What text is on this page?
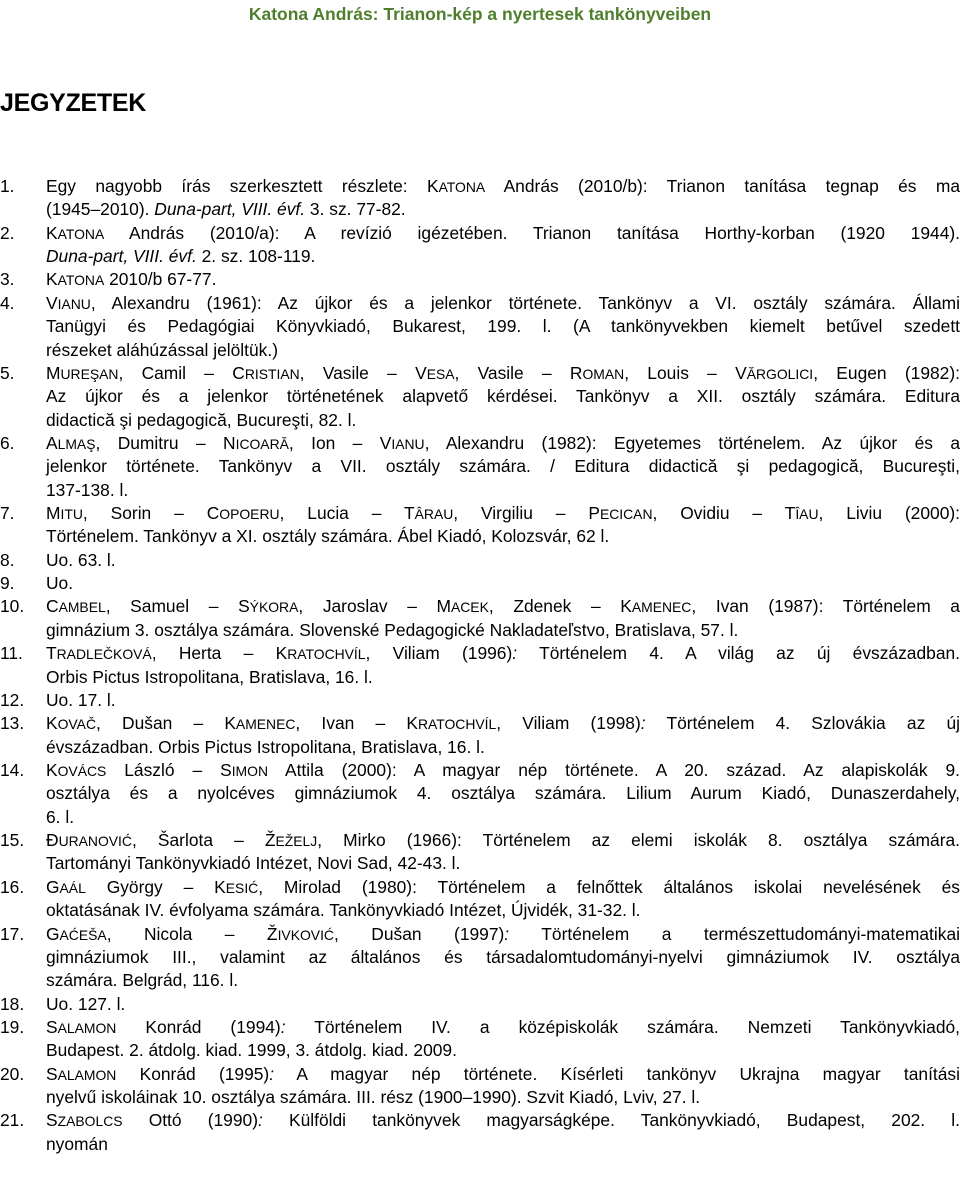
Katona András: Trianon-kép a nyertesek tankönyveiben
JEGYZETEK
1. Egy nagyobb írás szerkesztett részlete: KATONA András (2010/b): Trianon tanítása tegnap és ma
(1945–2010). Duna-part, VIII. évf. 3. sz. 77-82.
2. KATONA András (2010/a): A revízió igézetében. Trianon tanítása Horthy-korban (1920 1944).
Duna-part, VIII. évf. 2. sz. 108-119.
3. KATONA 2010/b 67-77.
4. VIANU, Alexandru (1961): Az újkor és a jelenkor története. Tankönyv a VI. osztály számára. Állami
Tanügyi és Pedagógiai Könyvkiadó, Bukarest, 199. l. (A tankönyvekben kiemelt betűvel szedett
részeket aláhúzással jelöltük.)
5. MUREŞAN, Camil – CRISTIAN, Vasile – VESA, Vasile – ROMAN, Louis – VĂRGOLICI, Eugen (1982):
Az újkor és a jelenkor történetének alapvető kérdései. Tankönyv a XII. osztály számára. Editura
didactică şi pedagogică, Bucureşti, 82. l.
6. ALMAŞ, Dumitru – NICOARĂ, Ion – VIANU, Alexandru (1982): Egyetemes történelem. Az újkor és a
jelenkor története. Tankönyv a VII. osztály számára. / Editura didactică şi pedagogică, Bucureşti,
137-138. l.
7. MITU, Sorin – COPOERU, Lucia – TÂRAU, Virgiliu – PECICAN, Ovidiu – TÎAU, Liviu (2000):
Történelem. Tankönyv a XI. osztály számára. Ábel Kiadó, Kolozsvár, 62 l.
8. Uo. 63. l.
9. Uo.
10. CAMBEL, Samuel – SÝKORA, Jaroslav – MACEK, Zdenek – KAMENEC, Ivan (1987): Történelem a
gimnázium 3. osztálya számára. Slovenské Pedagogické Nakladateľstvo, Bratislava, 57. l.
11. TRADLEČKOVÁ, Herta – KRATOCHVÍL, Viliam (1996): Történelem 4. A világ az új évszázadban.
Orbis Pictus Istropolitana, Bratislava, 16. l.
12. Uo. 17. l.
13. KOVAČ, Dušan – KAMENEC, Ivan – KRATOCHVÍL, Viliam (1998): Történelem 4. Szlovákia az új
évszázadban. Orbis Pictus Istropolitana, Bratislava, 16. l.
14. KOVÁCS László – SIMON Attila (2000): A magyar nép története. A 20. század. Az alapiskolák 9.
osztálya és a nyolcéves gimnáziumok 4. osztálya számára. Lilium Aurum Kiadó, Dunaszerdahely,
6. l.
15. ĐURANOVIĆ, Šarlota – ŽEŽELJ, Mirko (1966): Történelem az elemi iskolák 8. osztálya számára.
Tartományi Tankönyvkiadó Intézet, Novi Sad, 42-43. l.
16. GAÁL György – KESIĆ, Mirolad (1980): Történelem a felnőttek általános iskolai nevelésének és
oktatásának IV. évfolyama számára. Tankönyvkiadó Intézet, Újvidék, 31-32. l.
17. GAĆEŠA, Nicola – ŽIVKOVIĆ, Dušan (1997): Történelem a természettudományi-matematikai
gimnáziumok III., valamint az általános és társadalomtudományi-nyelvi gimnáziumok IV. osztálya
számára. Belgrád, 116. l.
18. Uo. 127. l.
19. SALAMON Konrád (1994): Történelem IV. a középiskolák számára. Nemzeti Tankönyvkiadó,
Budapest. 2. átdolg. kiad. 1999, 3. átdolg. kiad. 2009.
20. SALAMON Konrád (1995): A magyar nép története. Kísérleti tankönyv Ukrajna magyar tanítási
nyelvű iskoláinak 10. osztálya számára. III. rész (1900–1990). Szvit Kiadó, Lviv, 27. l.
21. SZABOLCS Ottó (1990): Külföldi tankönyvek magyarságképe. Tankönyvkiadó, Budapest, 202. l.
nyomán
